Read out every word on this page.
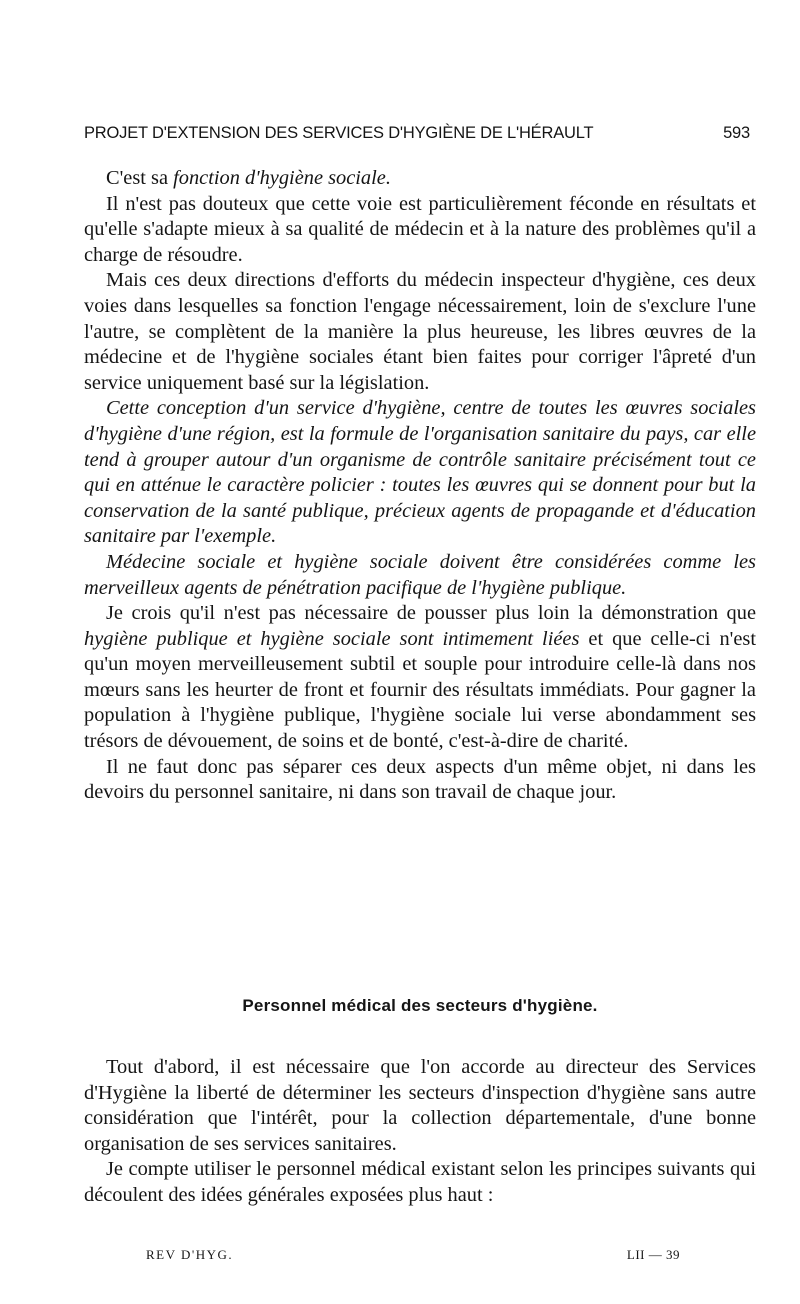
PROJET D'EXTENSION DES SERVICES D'HYGIÈNE DE L'HÉRAULT	593

C'est sa fonction d'hygiène sociale.

Il n'est pas douteux que cette voie est particulièrement féconde en résultats et qu'elle s'adapte mieux à sa qualité de médecin et à la nature des problèmes qu'il a charge de résoudre.

Mais ces deux directions d'efforts du médecin inspecteur d'hygiène, ces deux voies dans lesquelles sa fonction l'engage nécessairement, loin de s'exclure l'une l'autre, se complètent de la manière la plus heureuse, les libres œuvres de la médecine et de l'hygiène sociales étant bien faites pour corriger l'âpreté d'un service uniquement basé sur la législation.

Cette conception d'un service d'hygiène, centre de toutes les œuvres sociales d'hygiène d'une région, est la formule de l'organisation sanitaire du pays, car elle tend à grouper autour d'un organisme de contrôle sanitaire précisément tout ce qui en atténue le caractère policier : toutes les œuvres qui se donnent pour but la conservation de la santé publique, précieux agents de propagande et d'éducation sanitaire par l'exemple.

Médecine sociale et hygiène sociale doivent être considérées comme les merveilleux agents de pénétration pacifique de l'hygiène publique.

Je crois qu'il n'est pas nécessaire de pousser plus loin la démonstration que hygiène publique et hygiène sociale sont intimement liées et que celle-ci n'est qu'un moyen merveilleusement subtil et souple pour introduire celle-là dans nos mœurs sans les heurter de front et fournir des résultats immédiats. Pour gagner la population à l'hygiène publique, l'hygiène sociale lui verse abondamment ses trésors de dévouement, de soins et de bonté, c'est-à-dire de charité.

Il ne faut donc pas séparer ces deux aspects d'un même objet, ni dans les devoirs du personnel sanitaire, ni dans son travail de chaque jour.

Personnel médical des secteurs d'hygiène.

Tout d'abord, il est nécessaire que l'on accorde au directeur des Services d'Hygiène la liberté de déterminer les secteurs d'inspection d'hygiène sans autre considération que l'intérêt, pour la collection départementale, d'une bonne organisation de ses services sanitaires.

Je compte utiliser le personnel médical existant selon les principes suivants qui découlent des idées générales exposées plus haut :

REV D'HYG.	LII — 39
